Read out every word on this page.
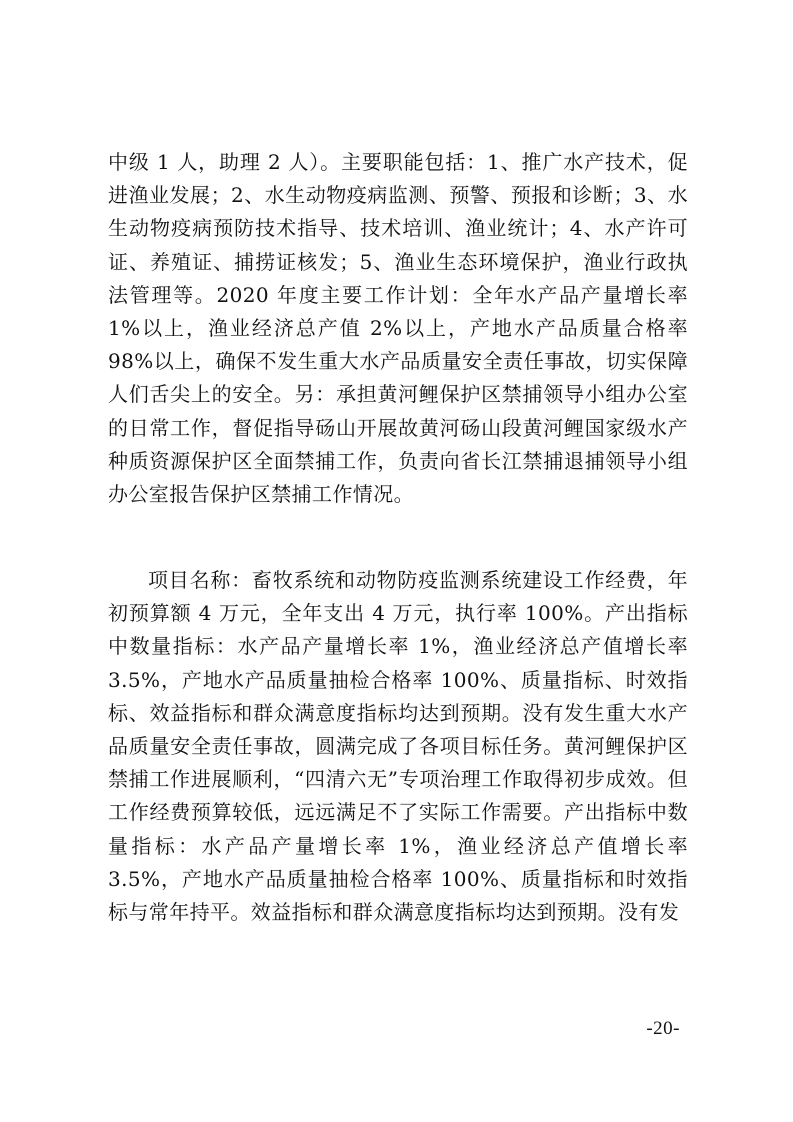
中级 1 人，助理 2 人）。主要职能包括：1、推广水产技术，促进渔业发展；2、水生动物疫病监测、预警、预报和诊断；3、水生动物疫病预防技术指导、技术培训、渔业统计；4、水产许可证、养殖证、捕捞证核发；5、渔业生态环境保护，渔业行政执法管理等。2020 年度主要工作计划：全年水产品产量增长率 1%以上，渔业经济总产值 2%以上，产地水产品质量合格率 98%以上，确保不发生重大水产品质量安全责任事故，切实保障人们舌尖上的安全。另：承担黄河鲤保护区禁捕领导小组办公室的日常工作，督促指导砀山开展故黄河砀山段黄河鲤国家级水产种质资源保护区全面禁捕工作，负责向省长江禁捕退捕领导小组办公室报告保护区禁捕工作情况。

项目名称：畜牧系统和动物防疫监测系统建设工作经费，年初预算额 4 万元，全年支出 4 万元，执行率 100%。产出指标中数量指标：水产品产量增长率 1%，渔业经济总产值增长率 3.5%，产地水产品质量抽检合格率 100%、质量指标、时效指标、效益指标和群众满意度指标均达到预期。没有发生重大水产品质量安全责任事故，圆满完成了各项目标任务。黄河鲤保护区禁捕工作进展顺利，“四清六无”专项治理工作取得初步成效。但工作经费预算较低，远远满足不了实际工作需要。产出指标中数量指标：水产品产量增长率 1%，渔业经济总产值增长率 3.5%，产地水产品质量抽检合格率 100%、质量指标和时效指标与常年持平。效益指标和群众满意度指标均达到预期。没有发

-20-
